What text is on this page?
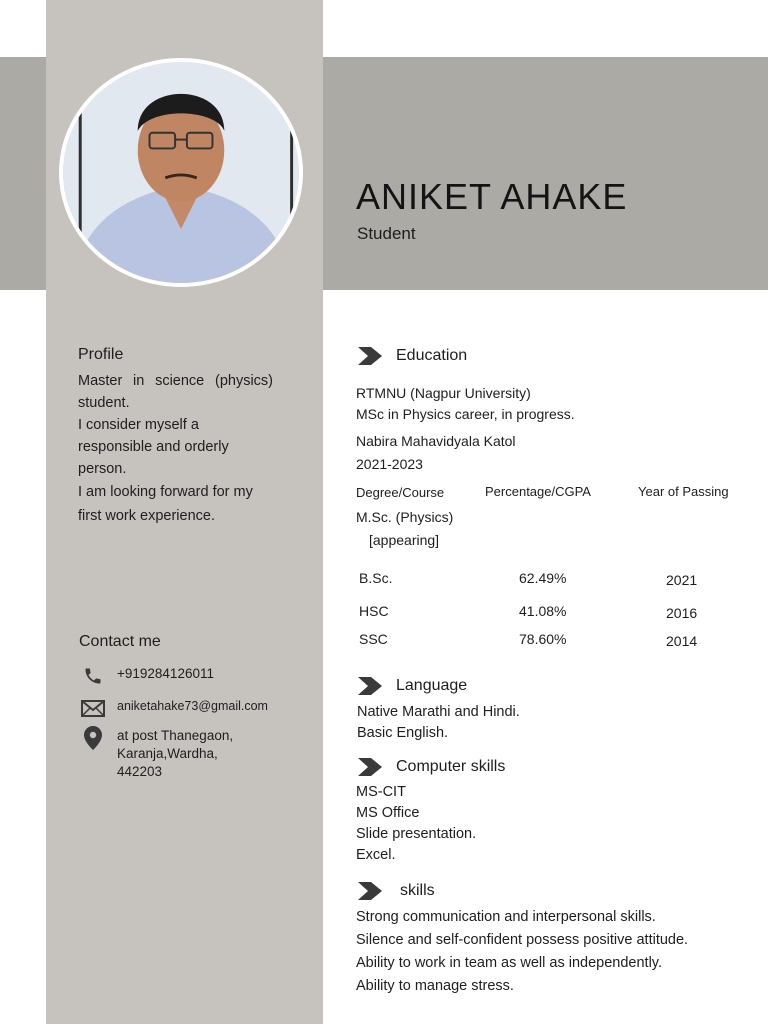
ANIKET AHAKE
Student
Profile

Master in science (physics) student.

I consider myself a responsible and orderly person.

I am looking forward for my first work experience.

Contact me
+919284126011
aniketahake73@gmail.com
at post Thanegaon,
Karanja,Wardha,
442203
Education
RTMNU (Nagpur University)
MSc in Physics career, in progress.
Nabira Mahavidyala Katol
2021-2023
Degree/Course	Percentage/CGPA	Year of Passing
M.Sc. (Physics)
[appearing]
B.Sc.	62.49%	2021
HSC	41.08%	2016
SSC	78.60%	2014
Language
Native Marathi and Hindi.
Basic English.
Computer skills
MS-CIT
MS Office
Slide presentation.
Excel.
skills
Strong communication and interpersonal skills.
Silence and self-confident possess positive attitude.
Ability to work in team as well as independently.
Ability to manage stress.
